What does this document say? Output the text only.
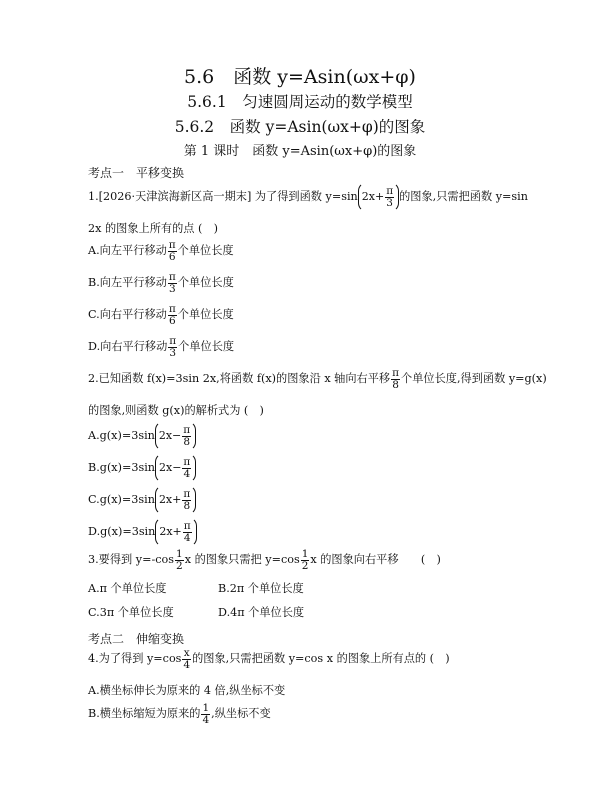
5.6　函数 y=Asin(ωx+φ)
5.6.1　匀速圆周运动的数学模型
5.6.2　函数 y=Asin(ωx+φ)的图象
第 1 课时　函数 y=Asin(ωx+φ)的图象
考点一　平移变换
1.[2026·天津滨海新区高一期末] 为了得到函数 y=sin $2x+ \frac{\pi}{3}$ 的图象,只需把函数 y=sin
2x 的图象上所有的点 (　)
A.向左平行移动 $\frac{\pi}{6}$ 个单位长度
B.向左平行移动 $\frac{\pi}{3}$ 个单位长度
C.向右平行移动 $\frac{\pi}{6}$ 个单位长度
D.向右平行移动 $\frac{\pi}{3}$ 个单位长度
2.已知函数 f(x)=3sin 2x,将函数 f(x)的图象沿 x 轴向右平移 $\frac{\pi}{8}$ 个单位长度,得到函数 y=g(x)
的图象,则函数 g(x)的解析式为 (　)
A.g(x)=3sin $2x- \frac{\pi}{8}$
B.g(x)=3sin $2x- \frac{\pi}{4}$
C.g(x)=3sin $2x+ \frac{\pi}{8}$
D.g(x)=3sin $2x+ \frac{\pi}{4}$
3.要得到 $y=-\cos \frac{1}{2}$ x 的图象只需把 $y=\cos \frac{1}{2}$ x 的图象向右平移　　(　)
A.π 个单位长度	B.2π 个单位长度
C.3π 个单位长度	D.4π 个单位长度
考点二　伸缩变换
4.为了得到 $y=\cos \frac{x}{4}$ 的图象,只需把函数 y=cos x 的图象上所有点的 (　)
A.横坐标伸长为原来的 4 倍,纵坐标不变
B.横坐标缩短为原来的 $\frac{1}{4}$ ,纵坐标不变
